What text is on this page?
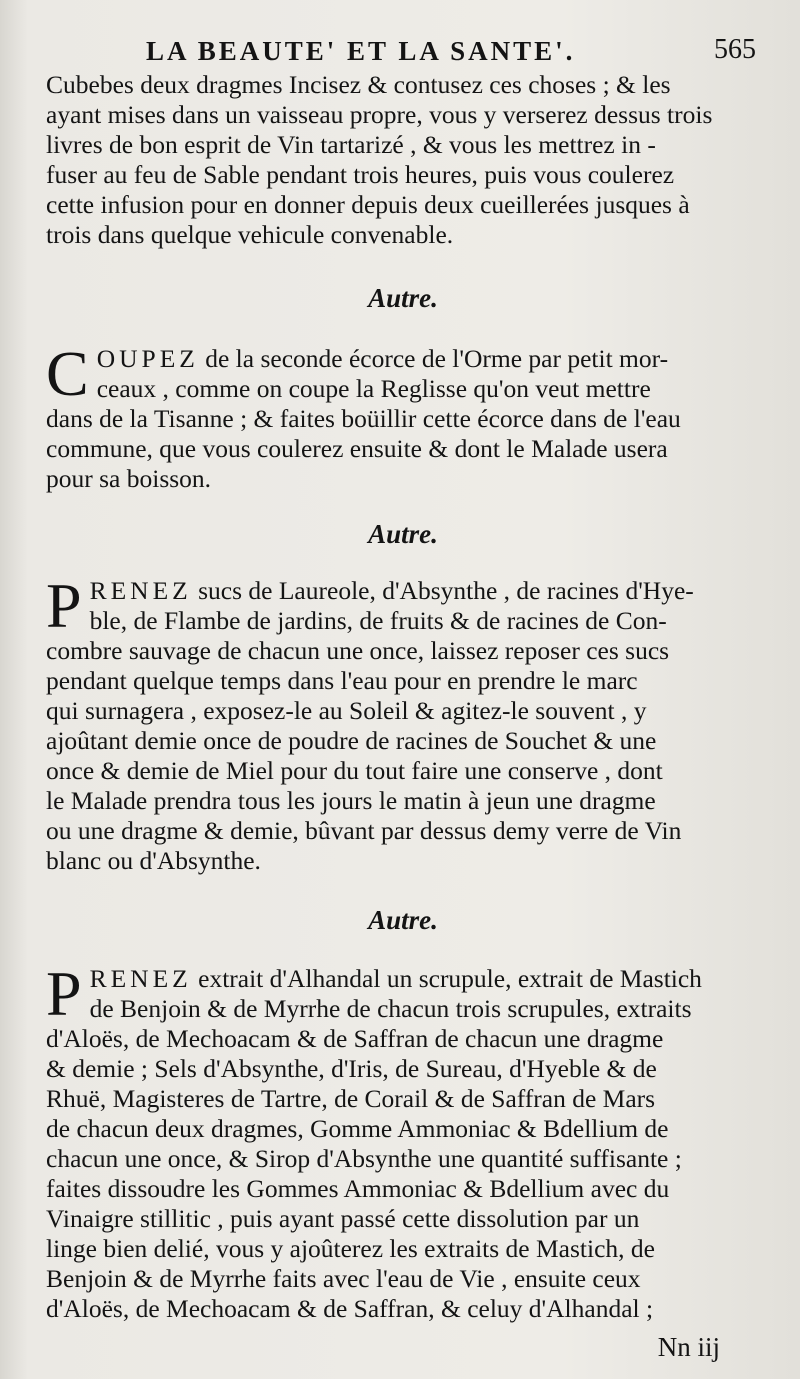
LA BEAUTE' ET LA SANTE'.	565

Cubebes deux dragmes Incisez & contusez ces choses ; & les
ayant mises dans un vaisseau propre, vous y verserez dessus trois
livres de bon esprit de Vin tartarizé , & vous les mettrez in -
fuser au feu de Sable pendant trois heures, puis vous coulerez
cette infusion pour en donner depuis deux cueillerées jusques à
trois dans quelque vehicule convenable.

Autre.

C OUPEZ de la seconde écorce de l'Orme par petit mor-
ceaux , comme on coupe la Reglisse qu'on veut mettre
dans de la Tisanne ; & faites boüillir cette écorce dans de l'eau
commune, que vous coulerez ensuite & dont le Malade usera
pour sa boisson.

Autre.

P RENEZ sucs de Laureole, d'Absynthe , de racines d'Hye-
ble, de Flambe de jardins, de fruits & de racines de Con-
combre sauvage de chacun une once, laissez reposer ces sucs
pendant quelque temps dans l'eau pour en prendre le marc
qui surnagera , exposez-le au Soleil & agitez-le souvent , y
ajoûtant demie once de poudre de racines de Souchet & une
once & demie de Miel pour du tout faire une conserve , dont
le Malade prendra tous les jours le matin à jeun une dragme
ou une dragme & demie, bûvant par dessus demy verre de Vin
blanc ou d'Absynthe.

Autre.

P RENEZ extrait d'Alhandal un scrupule, extrait de Mastich
de Benjoin & de Myrrhe de chacun trois scrupules, extraits
d'Aloës, de Mechoacam & de Saffran de chacun une dragme
& demie ; Sels d'Absynthe, d'Iris, de Sureau, d'Hyeble & de
Rhuë, Magisteres de Tartre, de Corail & de Saffran de Mars
de chacun deux dragmes, Gomme Ammoniac & Bdellium de
chacun une once, & Sirop d'Absynthe une quantité suffisante ;
faites dissoudre les Gommes Ammoniac & Bdellium avec du
Vinaigre stillitic , puis ayant passé cette dissolution par un
linge bien delié, vous y ajoûterez les extraits de Mastich, de
Benjoin & de Myrrhe faits avec l'eau de Vie , ensuite ceux
d'Aloës, de Mechoacam & de Saffran, & celuy d'Alhandal ;

Nn iij
